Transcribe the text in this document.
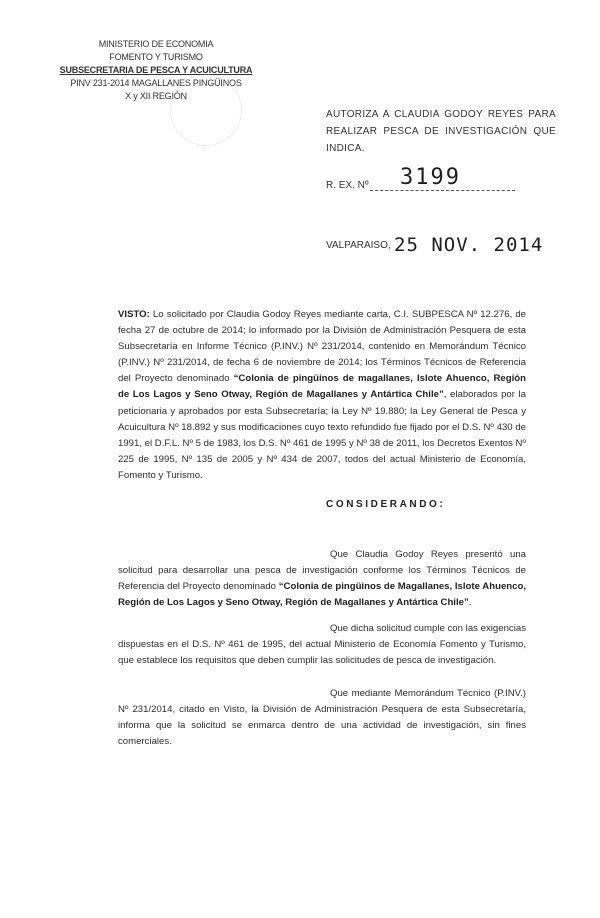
MINISTERIO DE ECONOMIA
FOMENTO Y TURISMO
SUBSECRETARIA DE PESCA Y ACUICULTURA
PINV 231-2014 MAGALLANES PINGÜINOS
X y XII REGIÓN
AUTORIZA A CLAUDIA GODOY REYES PARA REALIZAR PESCA DE INVESTIGACIÓN QUE INDICA.
R. EX. Nº 3199
VALPARAISO, 25 NOV. 2014
VISTO: Lo solicitado por Claudia Godoy Reyes mediante carta, C.I. SUBPESCA Nº 12.276, de fecha 27 de octubre de 2014; lo informado por la División de Administración Pesquera de esta Subsecretaría en Informe Técnico (P.INV.) Nº 231/2014, contenido en Memorándum Técnico (P.INV.) Nº 231/2014, de fecha 6 de noviembre de 2014; los Términos Técnicos de Referencia del Proyecto denominado “Colonia de pingüinos de magallanes, Islote Ahuenco, Región de Los Lagos y Seno Otway, Región de Magallanes y Antártica Chile”, elaborados por la peticionaria y aprobados por esta Subsecretaría; la Ley Nº 19.880; la Ley General de Pesca y Acuicultura Nº 18.892 y sus modificaciones cuyo texto refundido fue fijado por el D.S. Nº 430 de 1991, el D.F.L. Nº 5 de 1983, los D.S. Nº 461 de 1995 y Nº 38 de 2011, los Decretos Exentos Nº 225 de 1995, Nº 135 de 2005 y Nº 434 de 2007, todos del actual Ministerio de Economía, Fomento y Turismo.
CONSIDERANDO:
Que Claudia Godoy Reyes presentó una solicitud para desarrollar una pesca de investigación conforme los Términos Técnicos de Referencia del Proyecto denominado “Colonia de pingüinos de Magallanes, Islote Ahuenco, Región de Los Lagos y Seno Otway, Región de Magallanes y Antártica Chile”.
Que dicha solicitud cumple con las exigencias dispuestas en el D.S. Nº 461 de 1995, del actual Ministerio de Economía Fomento y Turismo, que establece los requisitos que deben cumplir las solicitudes de pesca de investigación.
Que mediante Memorándum Técnico (P.INV.) Nº 231/2014, citado en Visto, la División de Administración Pesquera de esta Subsecretaría, informa que la solicitud se enmarca dentro de una actividad de investigación, sin fines comerciales.
